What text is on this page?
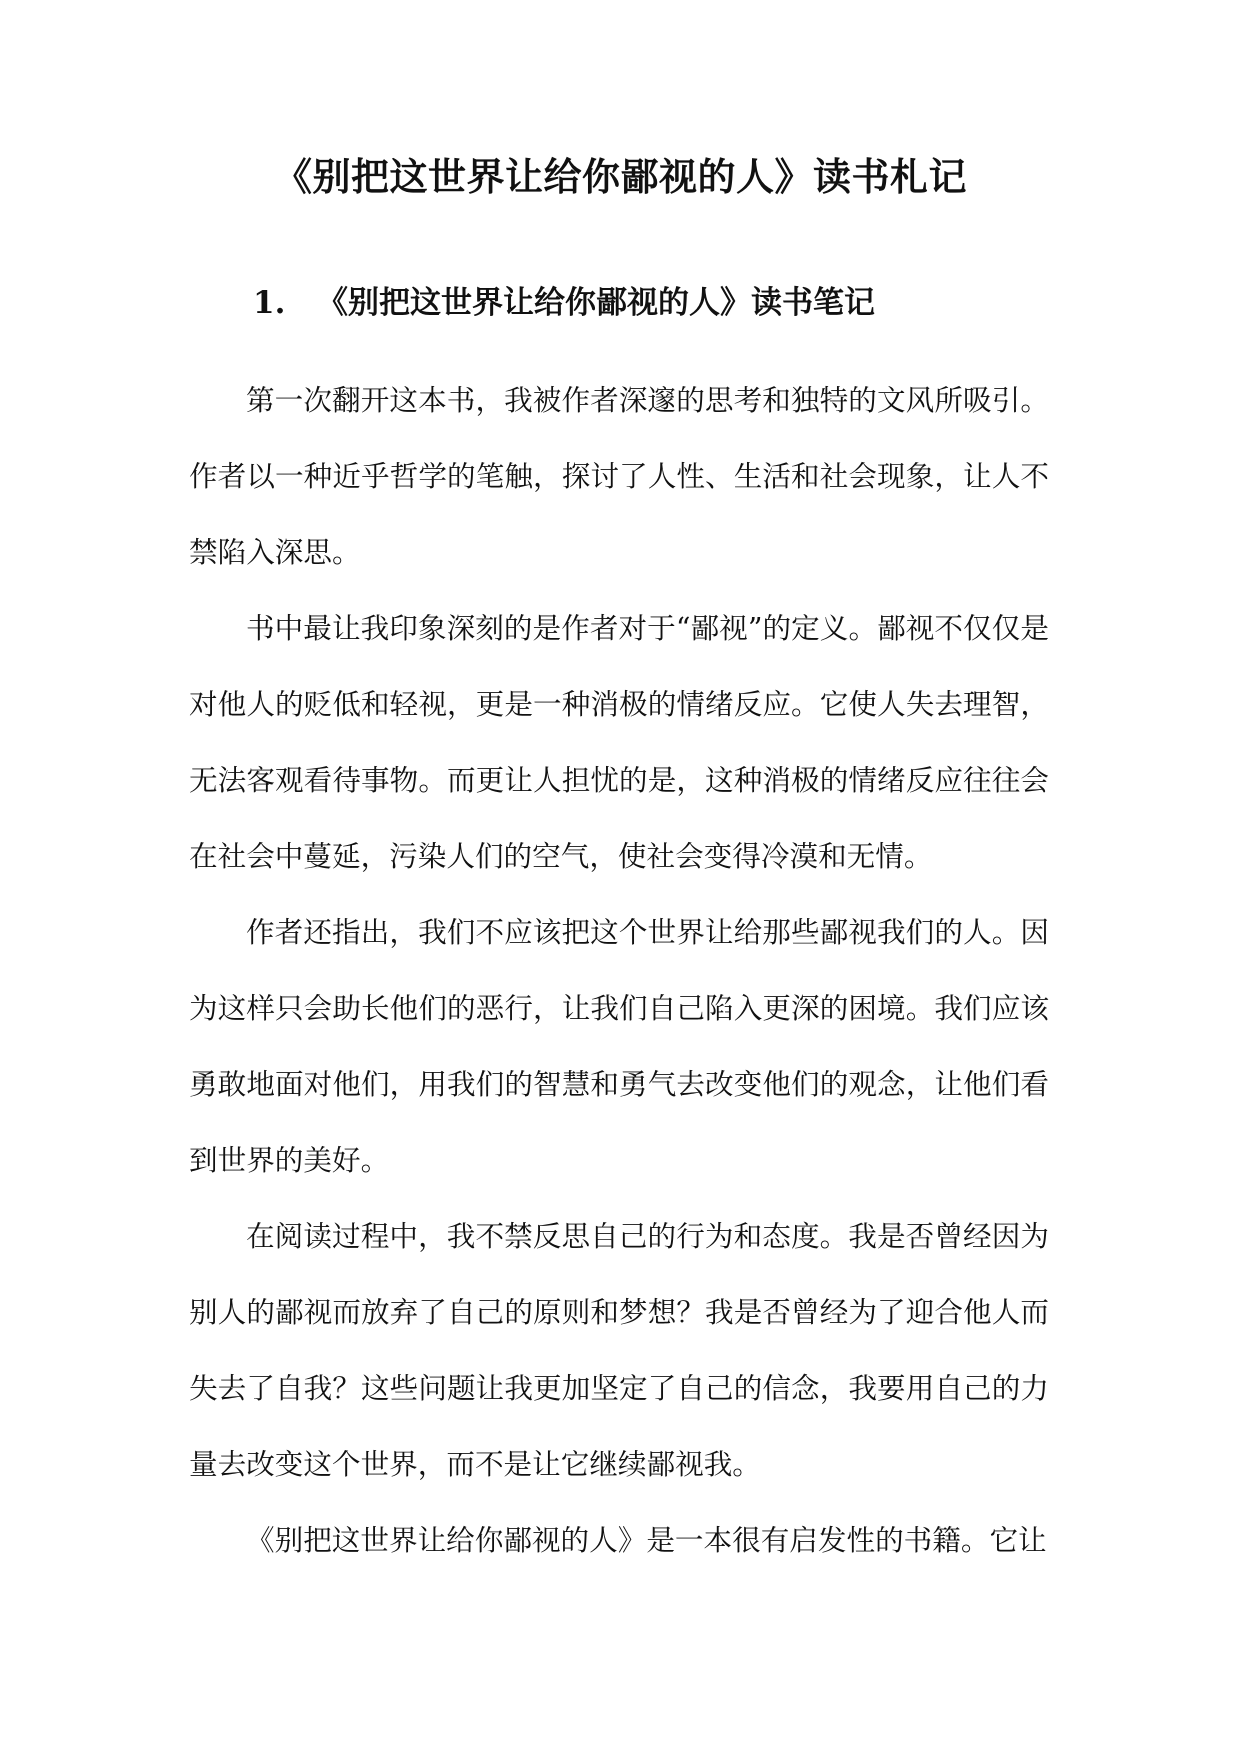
《别把这世界让给你鄙视的人》读书札记
1. 《别把这世界让给你鄙视的人》读书笔记

第一次翻开这本书，我被作者深邃的思考和独特的文风所吸引。作者以一种近乎哲学的笔触，探讨了人性、生活和社会现象，让人不禁陷入深思。

书中最让我印象深刻的是作者对于“鄙视”的定义。鄙视不仅仅是对他人的贬低和轻视，更是一种消极的情绪反应。它使人失去理智，无法客观看待事物。而更让人担忧的是，这种消极的情绪反应往往会在社会中蔓延，污染人们的空气，使社会变得冷漠和无情。

作者还指出，我们不应该把这个世界让给那些鄙视我们的人。因为这样只会助长他们的恶行，让我们自己陷入更深的困境。我们应该勇敢地面对他们，用我们的智慧和勇气去改变他们的观念，让他们看到世界的美好。

在阅读过程中，我不禁反思自己的行为和态度。我是否曾经因为别人的鄙视而放弃了自己的原则和梦想？我是否曾经为了迎合他人而失去了自我？这些问题让我更加坚定了自己的信念，我要用自己的力量去改变这个世界，而不是让它继续鄙视我。

《别把这世界让给你鄙视的人》是一本很有启发性的书籍。它让
